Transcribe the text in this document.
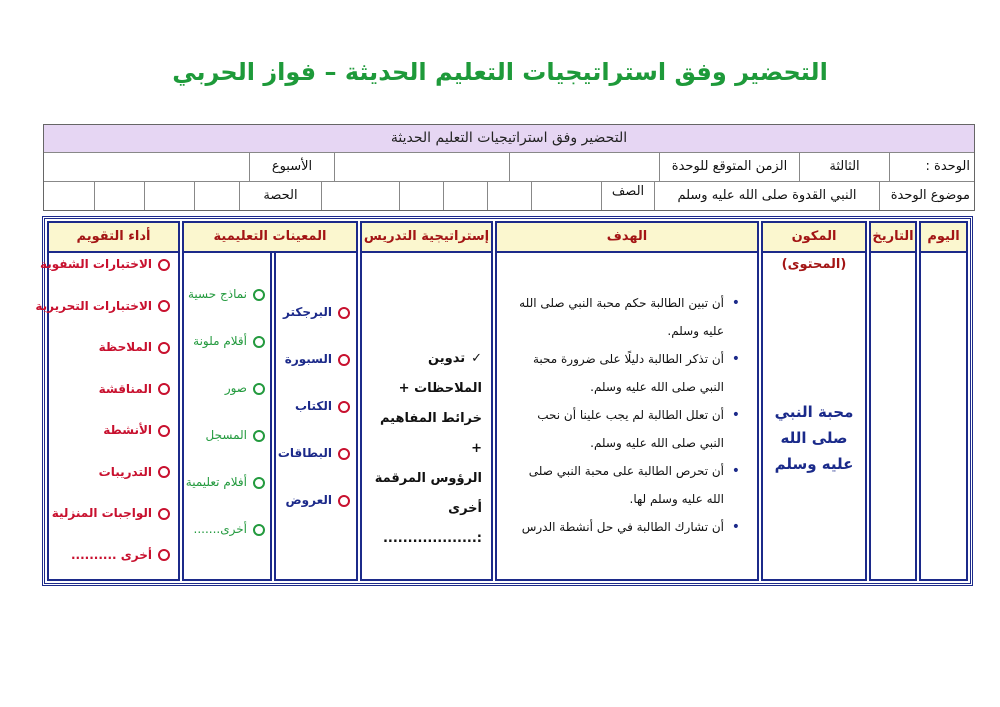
التحضير وفق استراتيجيات التعليم الحديثة – فواز الحربي
التحضير وفق استراتيجيات التعليم الحديثة
الوحدة :
الثالثة
الزمن المتوقع للوحدة
الأسبوع
موضوع الوحدة
النبي القدوة صلى الله عليه وسلم
الصف
الحصة
اليوم
التاريخ
المكون (المحتوى)
الهدف
إستراتيجية التدريس
المعينات التعليمية
أداء التقويم
محبة النبي صلى الله عليه وسلم
• أن تبين الطالبة حكم محبة النبي صلى الله عليه وسلم.
• أن تذكر الطالبة دليلًا على ضرورة محبة النبي صلى الله عليه وسلم.
• أن تعلل الطالبة لم يجب علينا أن نحب النبي صلى الله عليه وسلم.
• أن تحرص الطالبة على محبة النبي صلى الله عليه وسلم لها.
• أن تشارك الطالبة في حل أنشطة الدرس
✓تدوين الملاحظات +
خرائط المفاهيم +
الرؤوس المرقمة
أخرى :...................
البرجكتر
السبورة
الكتاب
البطاقات
العروض
نماذج حسية
أقلام ملونة
صور
المسجل
أفلام تعليمية
أخرى.......
الاختبارات الشفوية
الاختبارات التحريرية
الملاحظة
المناقشة
الأنشطة
التدريبات
الواجبات المنزلية
أخرى ..........
